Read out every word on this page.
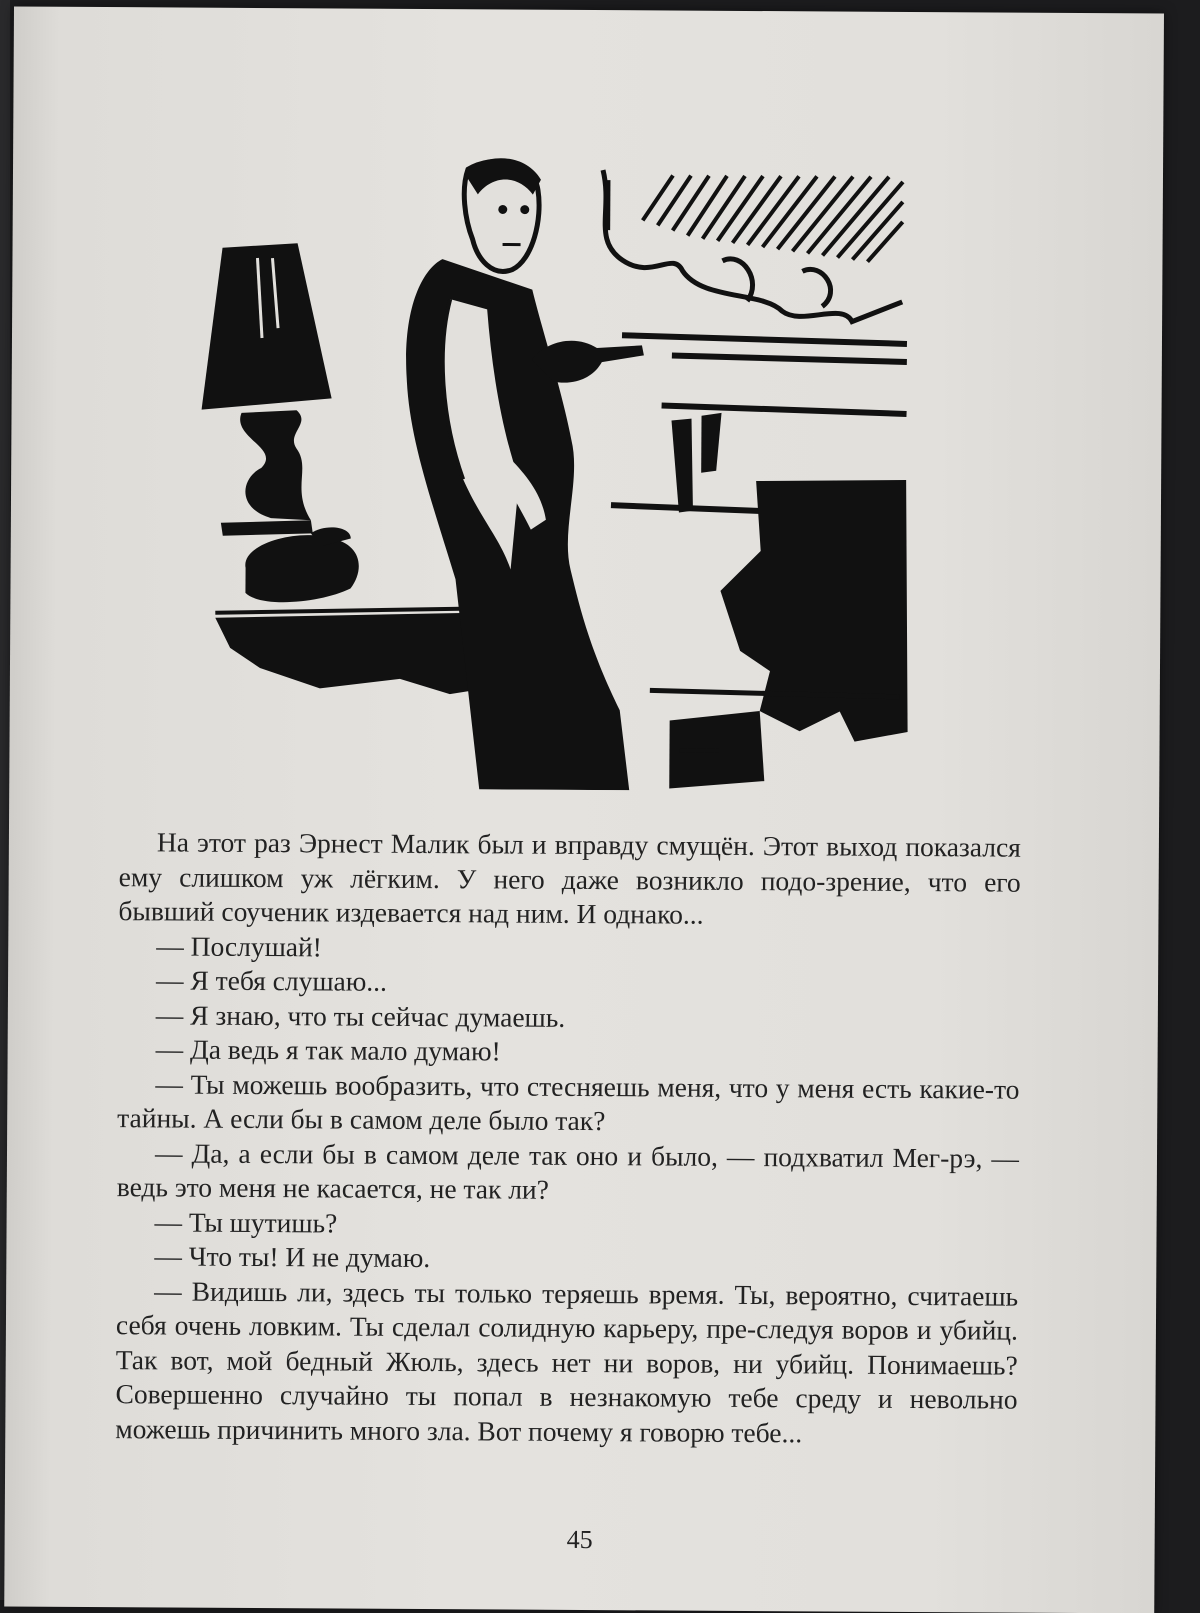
На этот раз Эрнест Малик был и вправду смущён. Этот выход показался ему слишком уж лёгким. У него даже возникло подо-зрение, что его бывший соученик издевается над ним. И однако...

— Послушай!

— Я тебя слушаю...

— Я знаю, что ты сейчас думаешь.

— Да ведь я так мало думаю!

— Ты можешь вообразить, что стесняешь меня, что у меня есть какие-то тайны. А если бы в самом деле было так?

— Да, а если бы в самом деле так оно и было, — подхватил Мег-рэ, — ведь это меня не касается, не так ли?

— Ты шутишь?

— Что ты! И не думаю.

— Видишь ли, здесь ты только теряешь время. Ты, вероятно, считаешь себя очень ловким. Ты сделал солидную карьеру, пре-следуя воров и убийц. Так вот, мой бедный Жюль, здесь нет ни воров, ни убийц. Понимаешь? Совершенно случайно ты попал в незнакомую тебе среду и невольно можешь причинить много зла. Вот почему я говорю тебе...

45
